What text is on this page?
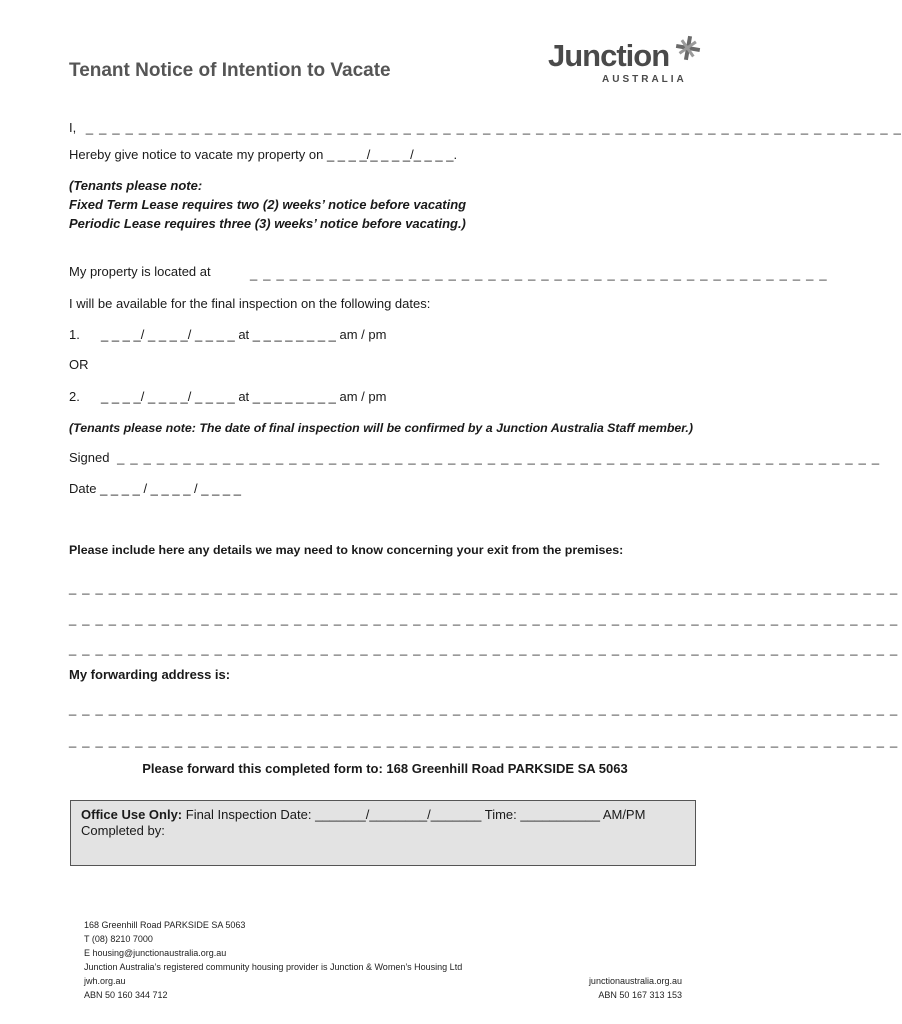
Tenant Notice of Intention to Vacate	Junction
AUSTRALIA
I, _ _ _ _ _ _ _ _ _ _ _ _ _ _ _ _ _ _ _ _ _ _ _ _ _ _ _ _ _ _ _ _ _ _ _ _ _ _ _ _ _ _ _ _ _ _ _ _ _ _ _ _ _ _ _ _ _ _ _ _ _ _
Hereby give notice to vacate my property on _ _ _ _/_ _ _ _/_ _ _ _.
(Tenants please note:
Fixed Term Lease requires two (2) weeks’ notice before vacating
Periodic Lease requires three (3) weeks’ notice before vacating.)
My property is located at	_ _ _ _ _ _ _ _ _ _ _ _ _ _ _ _ _ _ _ _ _ _ _ _ _ _ _ _ _ _ _ _ _ _ _ _ _ _ _ _ _ _ _ _
I will be available for the final inspection on the following dates:
1. _ _ _ _/ _ _ _ _/ _ _ _ _ at _ _ _ _ _ _ _ _ am / pm
OR
2. _ _ _ _/ _ _ _ _/ _ _ _ _ at _ _ _ _ _ _ _ _ am / pm
(Tenants please note: The date of final inspection will be confirmed by a Junction Australia Staff member.)
Signed _ _ _ _ _ _ _ _ _ _ _ _ _ _ _ _ _ _ _ _ _ _ _ _ _ _ _ _ _ _ _ _ _ _ _ _ _ _ _ _ _ _ _ _ _ _ _ _ _ _ _ _ _ _ _ _ _ _
Date _ _ _ _ / _ _ _ _ / _ _ _ _
Please include here any details we may need to know concerning your exit from the premises:
_ _ _ _ _ _ _ _ _ _ _ _ _ _ _ _ _ _ _ _ _ _ _ _ _ _ _ _ _ _ _ _ _ _ _ _ _ _ _ _ _ _ _ _ _ _ _ _ _ _ _ _ _ _ _ _ _ _ _ _ _ _ _
_ _ _ _ _ _ _ _ _ _ _ _ _ _ _ _ _ _ _ _ _ _ _ _ _ _ _ _ _ _ _ _ _ _ _ _ _ _ _ _ _ _ _ _ _ _ _ _ _ _ _ _ _ _ _ _ _ _ _ _ _ _ _
_ _ _ _ _ _ _ _ _ _ _ _ _ _ _ _ _ _ _ _ _ _ _ _ _ _ _ _ _ _ _ _ _ _ _ _ _ _ _ _ _ _ _ _ _ _ _ _ _ _ _ _ _ _ _ _ _ _ _ _ _ _ _
My forwarding address is:
_ _ _ _ _ _ _ _ _ _ _ _ _ _ _ _ _ _ _ _ _ _ _ _ _ _ _ _ _ _ _ _ _ _ _ _ _ _ _ _ _ _ _ _ _ _ _ _ _ _ _ _ _ _ _ _ _ _ _ _ _ _ _
_ _ _ _ _ _ _ _ _ _ _ _ _ _ _ _ _ _ _ _ _ _ _ _ _ _ _ _ _ _ _ _ _ _ _ _ _ _ _ _ _ _ _ _ _ _ _ _ _ _ _ _ _ _ _ _ _ _ _ _ _ _ _
Please forward this completed form to: 168 Greenhill Road PARKSIDE SA 5063
Office Use Only: Final Inspection Date: _______/________/_______ Time: ___________ AM/PM
Completed by:
168 Greenhill Road PARKSIDE SA 5063
T (08) 8210 7000
E housing@junctionaustralia.org.au
Junction Australia’s registered community housing provider is Junction & Women’s Housing Ltd
jwh.org.au
ABN 50 160 344 712
junctionaustralia.org.au
ABN 50 167 313 153
